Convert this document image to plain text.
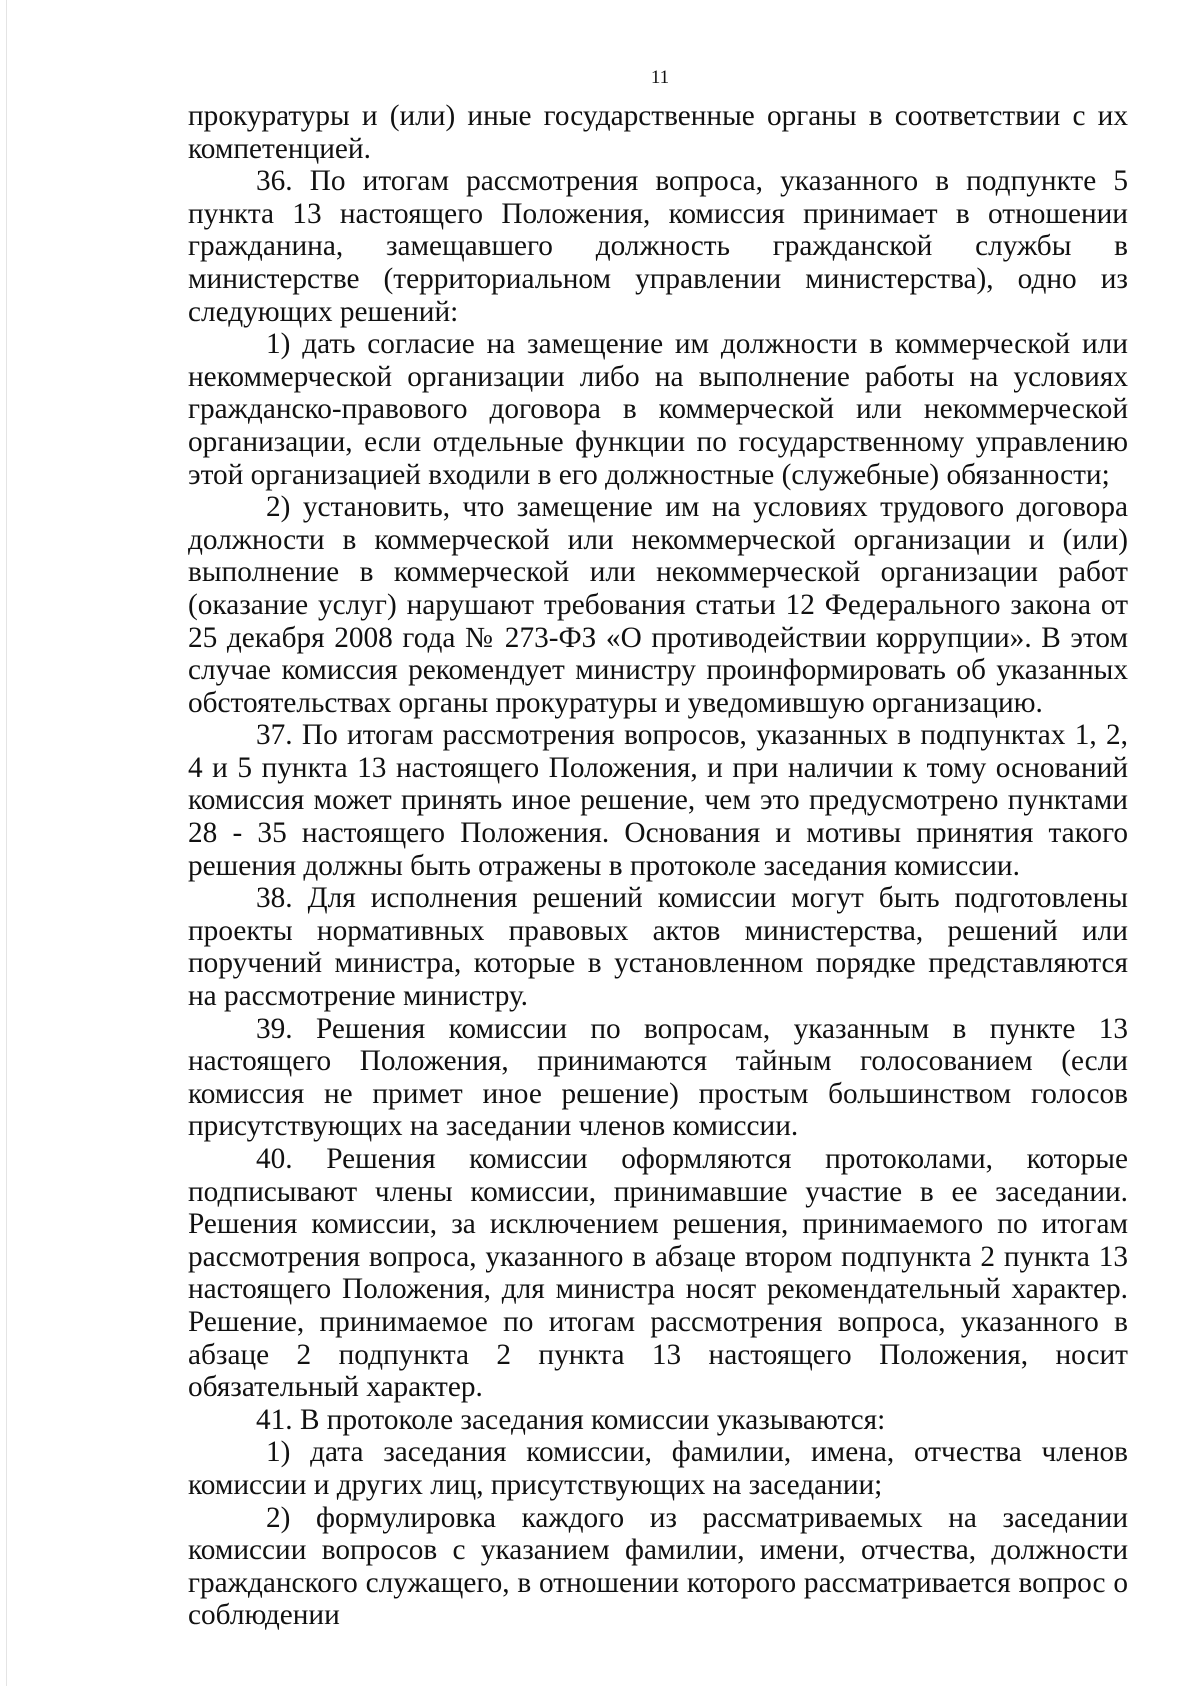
11

прокуратуры и (или) иные государственные органы в соответствии с их компетенцией.

36. По итогам рассмотрения вопроса, указанного в подпункте 5 пункта 13 настоящего Положения, комиссия принимает в отношении гражданина, замещавшего должность гражданской службы в министерстве (территориальном управлении министерства), одно из следующих решений:

1) дать согласие на замещение им должности в коммерческой или некоммерческой организации либо на выполнение работы на условиях гражданско-правового договора в коммерческой или некоммерческой организации, если отдельные функции по государственному управлению этой организацией входили в его должностные (служебные) обязанности;

2) установить, что замещение им на условиях трудового договора должности в коммерческой или некоммерческой организации и (или) выполнение в коммерческой или некоммерческой организации работ (оказание услуг) нарушают требования статьи 12 Федерального закона от 25 декабря 2008 года № 273-ФЗ «О противодействии коррупции». В этом случае комиссия рекомендует министру проинформировать об указанных обстоятельствах органы прокуратуры и уведомившую организацию.

37. По итогам рассмотрения вопросов, указанных в подпунктах 1, 2, 4 и 5 пункта 13 настоящего Положения, и при наличии к тому оснований комиссия может принять иное решение, чем это предусмотрено пунктами 28 - 35 настоящего Положения. Основания и мотивы принятия такого решения должны быть отражены в протоколе заседания комиссии.

38. Для исполнения решений комиссии могут быть подготовлены проекты нормативных правовых актов министерства, решений или поручений министра, которые в установленном порядке представляются на рассмотрение министру.

39. Решения комиссии по вопросам, указанным в пункте 13 настоящего Положения, принимаются тайным голосованием (если комиссия не примет иное решение) простым большинством голосов присутствующих на заседании членов комиссии.

40. Решения комиссии оформляются протоколами, которые подписывают члены комиссии, принимавшие участие в ее заседании. Решения комиссии, за исключением решения, принимаемого по итогам рассмотрения вопроса, указанного в абзаце втором подпункта 2 пункта 13 настоящего Положения, для министра носят рекомендательный характер. Решение, принимаемое по итогам рассмотрения вопроса, указанного в абзаце 2 подпункта 2 пункта 13 настоящего Положения, носит обязательный характер.

41. В протоколе заседания комиссии указываются:

1) дата заседания комиссии, фамилии, имена, отчества членов комиссии и других лиц, присутствующих на заседании;

2) формулировка каждого из рассматриваемых на заседании комиссии вопросов с указанием фамилии, имени, отчества, должности гражданского служащего, в отношении которого рассматривается вопрос о соблюдении
